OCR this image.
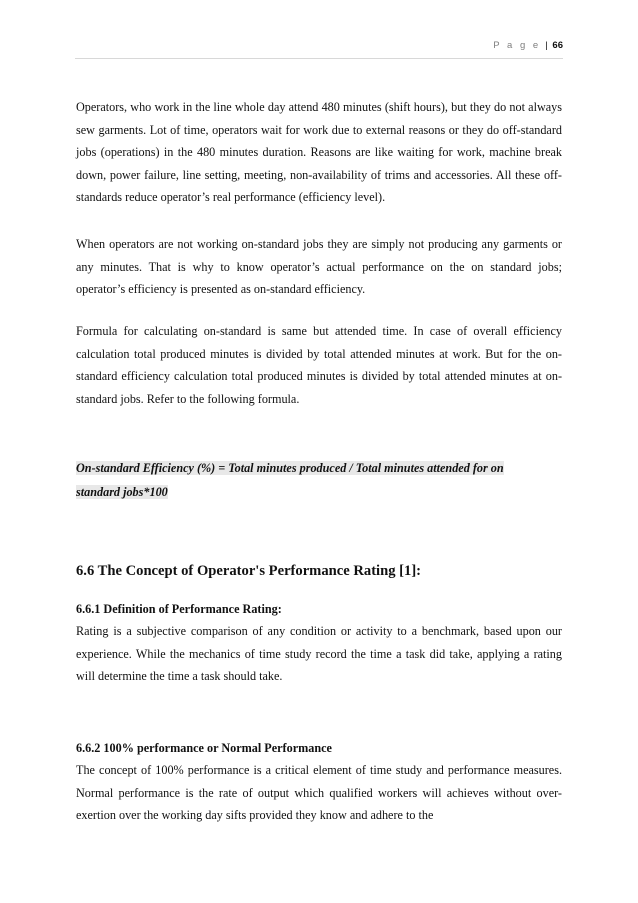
P a g e | 66

Operators, who work in the line whole day attend 480 minutes (shift hours), but they do not always sew garments. Lot of time, operators wait for work due to external reasons or they do off-standard jobs (operations) in the 480 minutes duration. Reasons are like waiting for work, machine break down, power failure, line setting, meeting, non-availability of trims and accessories. All these off-standards reduce operator’s real performance (efficiency level).

When operators are not working on-standard jobs they are simply not producing any garments or any minutes. That is why to know operator’s actual performance on the on standard jobs; operator’s efficiency is presented as on-standard efficiency.

Formula for calculating on-standard is same but attended time. In case of overall efficiency calculation total produced minutes is divided by total attended minutes at work. But for the on-standard efficiency calculation total produced minutes is divided by total attended minutes at on-standard jobs. Refer to the following formula.

On-standard Efficiency (%) = Total minutes produced / Total minutes attended for on
standard jobs*100
6.6 The Concept of Operator's Performance Rating [1]:
6.6.1 Definition of Performance Rating:

Rating is a subjective comparison of any condition or activity to a benchmark, based upon our experience. While the mechanics of time study record the time a task did take, applying a rating will determine the time a task should take.

6.6.2 100% performance or Normal Performance

The concept of 100% performance is a critical element of time study and performance measures. Normal performance is the rate of output which qualified workers will achieves without over-exertion over the working day sifts provided they know and adhere to the
